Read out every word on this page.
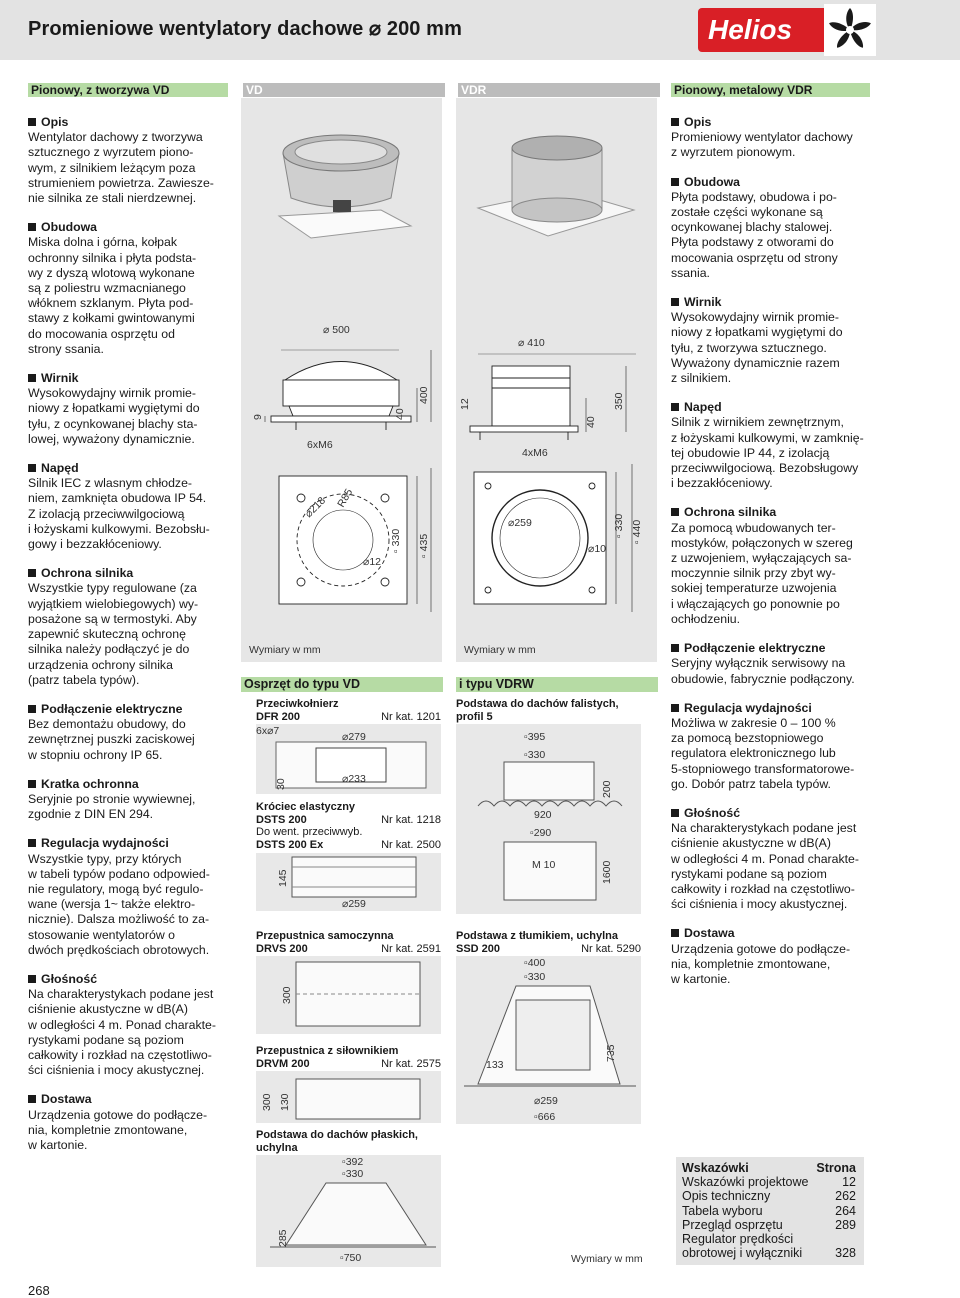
Promieniowe wentylatory dachowe ⌀ 200 mm	Helios
Pionowy, z tworzywa VD	VD	VDR	Pionowy, metalowy VDR
Opis

Wentylator dachowy z tworzywa
sztucznego z wyrzutem piono-
wym, z silnikiem leżącym poza
strumieniem powietrza. Zawiesze-
nie silnika ze stali nierdzewnej.

Obudowa

Miska dolna i górna, kołpak
ochronny silnika i płyta podsta-
wy z dyszą wlotową wykonane
są z poliestru wzmacnianego
włóknem szklanym. Płyta pod-
stawy z kołkami gwintowanymi
do mocowania osprzętu od
strony ssania.

Wirnik

Wysokowydajny wirnik promie-
niowy z łopatkami wygiętymi do
tyłu, z ocynkowanej blachy sta-
lowej, wyważony dynamicznie.

Napęd

Silnik IEC z wlasnym chłodze-
niem, zamknięta obudowa IP 54.
Z izolacją przeciwwilgociową
i łożyskami kulkowymi. Bezobsłu-
gowy i bezzakłóceniowy.

Ochrona silnika

Wszystkie typy regulowane (za
wyjątkiem wielobiegowych) wy-
posażone są w termostyki. Aby
zapewnić skuteczną ochronę
silnika należy podłączyć je do
urządzenia ochrony silnika
(patrz tabela typów).

Podłączenie elektryczne

Bez demontażu obudowy, do
zewnętrznej puszki zaciskowej
w stopniu ochrony IP 65.

Kratka ochronna

Seryjnie po stronie wywiewnej,
zgodnie z DIN EN 294.

Regulacja wydajności

Wszystkie typy, przy których
w tabeli typów podano odpowied-
nie regulatory, mogą być regulo-
wane (wersja 1~ także elektro-
nicznie). Dalsza możliwość to za-
stosowanie wentylatorów o
dwóch prędkościach obrotowych.

Głośność

Na charakterystykach podane jest
ciśnienie akustyczne w dB(A)
w odległości 4 m. Ponad charakte-
rystykami podane są poziom
całkowity i rozkład na częstotliwo-
ści ciśnienia i mocy akustycznej.

Dostawa

Urządzenia gotowe do podłącze-
nia, kompletnie zmontowane,
w kartonie.

Opis

Promieniowy wentylator dachowy
z wyrzutem pionowym.

Obudowa

Płyta podstawy, obudowa i po-
zostałe części wykonane są
ocynkowanej blachy stalowej.
Płyta podstawy z otworami do
mocowania osprzętu od strony
ssania.

Wirnik

Wysokowydajny wirnik promie-
niowy z łopatkami wygiętymi do
tyłu, z tworzywa sztucznego.
Wyważony dynamicznie razem
z silnikiem.

Napęd

Silnik z wirnikiem zewnętrznym,
z łożyskami kulkowymi, w zamknię-
tej obudowie IP 44, z izolacją
przeciwwilgociową. Bezobsługowy
i bezzakłóceniowy.

Ochrona silnika

Za pomocą wbudowanych ter-
mostyków, połączonych w szereg
z uzwojeniem, wyłączających sa-
moczynnie silnik przy zbyt wy-
sokiej temperaturze uzwojenia
i włączających go ponownie po
ochłodzeniu.

Podłączenie elektryczne

Seryjny wyłącznik serwisowy na
obudowie, fabrycznie podłączony.

Regulacja wydajności

Możliwa w zakresie 0 – 100 %
za pomocą bezstopniowego
regulatora elektronicznego lub
5-stopniowego transformatorowe-
go. Dobór patrz tabela typów.

Głośność

Na charakterystykach podane jest
ciśnienie akustyczne w dB(A)
w odległości 4 m. Ponad charakte-
rystykami podane są poziom
całkowity i rozkład na częstotliwo-
ści ciśnienia i mocy akustycznej.

Dostawa

Urządzenia gotowe do podłącze-
nia, kompletnie zmontowane,
w kartonie.

⌀ 500
9	40
400
6xM6
⌀218 R85
▫ 330 ▫ 435
⌀12
Wymiary w mm
⌀ 410
12
40
350
4xM6
⌀259
⌀10
▫ 330 ▫ 440
Wymiary w mm
Osprzęt do typu VD	i typu VDRW
Przeciwkołnierz
DFR 200	Nr kat. 1201
6x⌀7	⌀279
30	⌀233
Króciec elastyczny
DSTS 200	Nr kat. 1218
Do went. przeciwwyb.
DSTS 200 Ex	Nr kat. 2500
145
⌀259
Przepustnica samoczynna
DRVS 200	Nr kat. 2591
300
Przepustnica z siłownikiem
DRVM 200	Nr kat. 2575
300 130
Podstawa do dachów płaskich, uchylna
▫392
▫330
285
▫750
Podstawa do dachów falistych, profil 5
▫395
▫330
200
920
▫290
M 10	1600
Podstawa z tłumikiem, uchylna
SSD 200	Nr kat. 5290
▫400
▫330
735
133
⌀259
▫666
Wymiary w mm
Wskazówki	Strona
Wskazówki projektowe	12
Opis techniczny	262
Tabela wyboru	264
Przegląd osprzętu	289
Regulator prędkości
obrotowej i wyłączniki	328
268
